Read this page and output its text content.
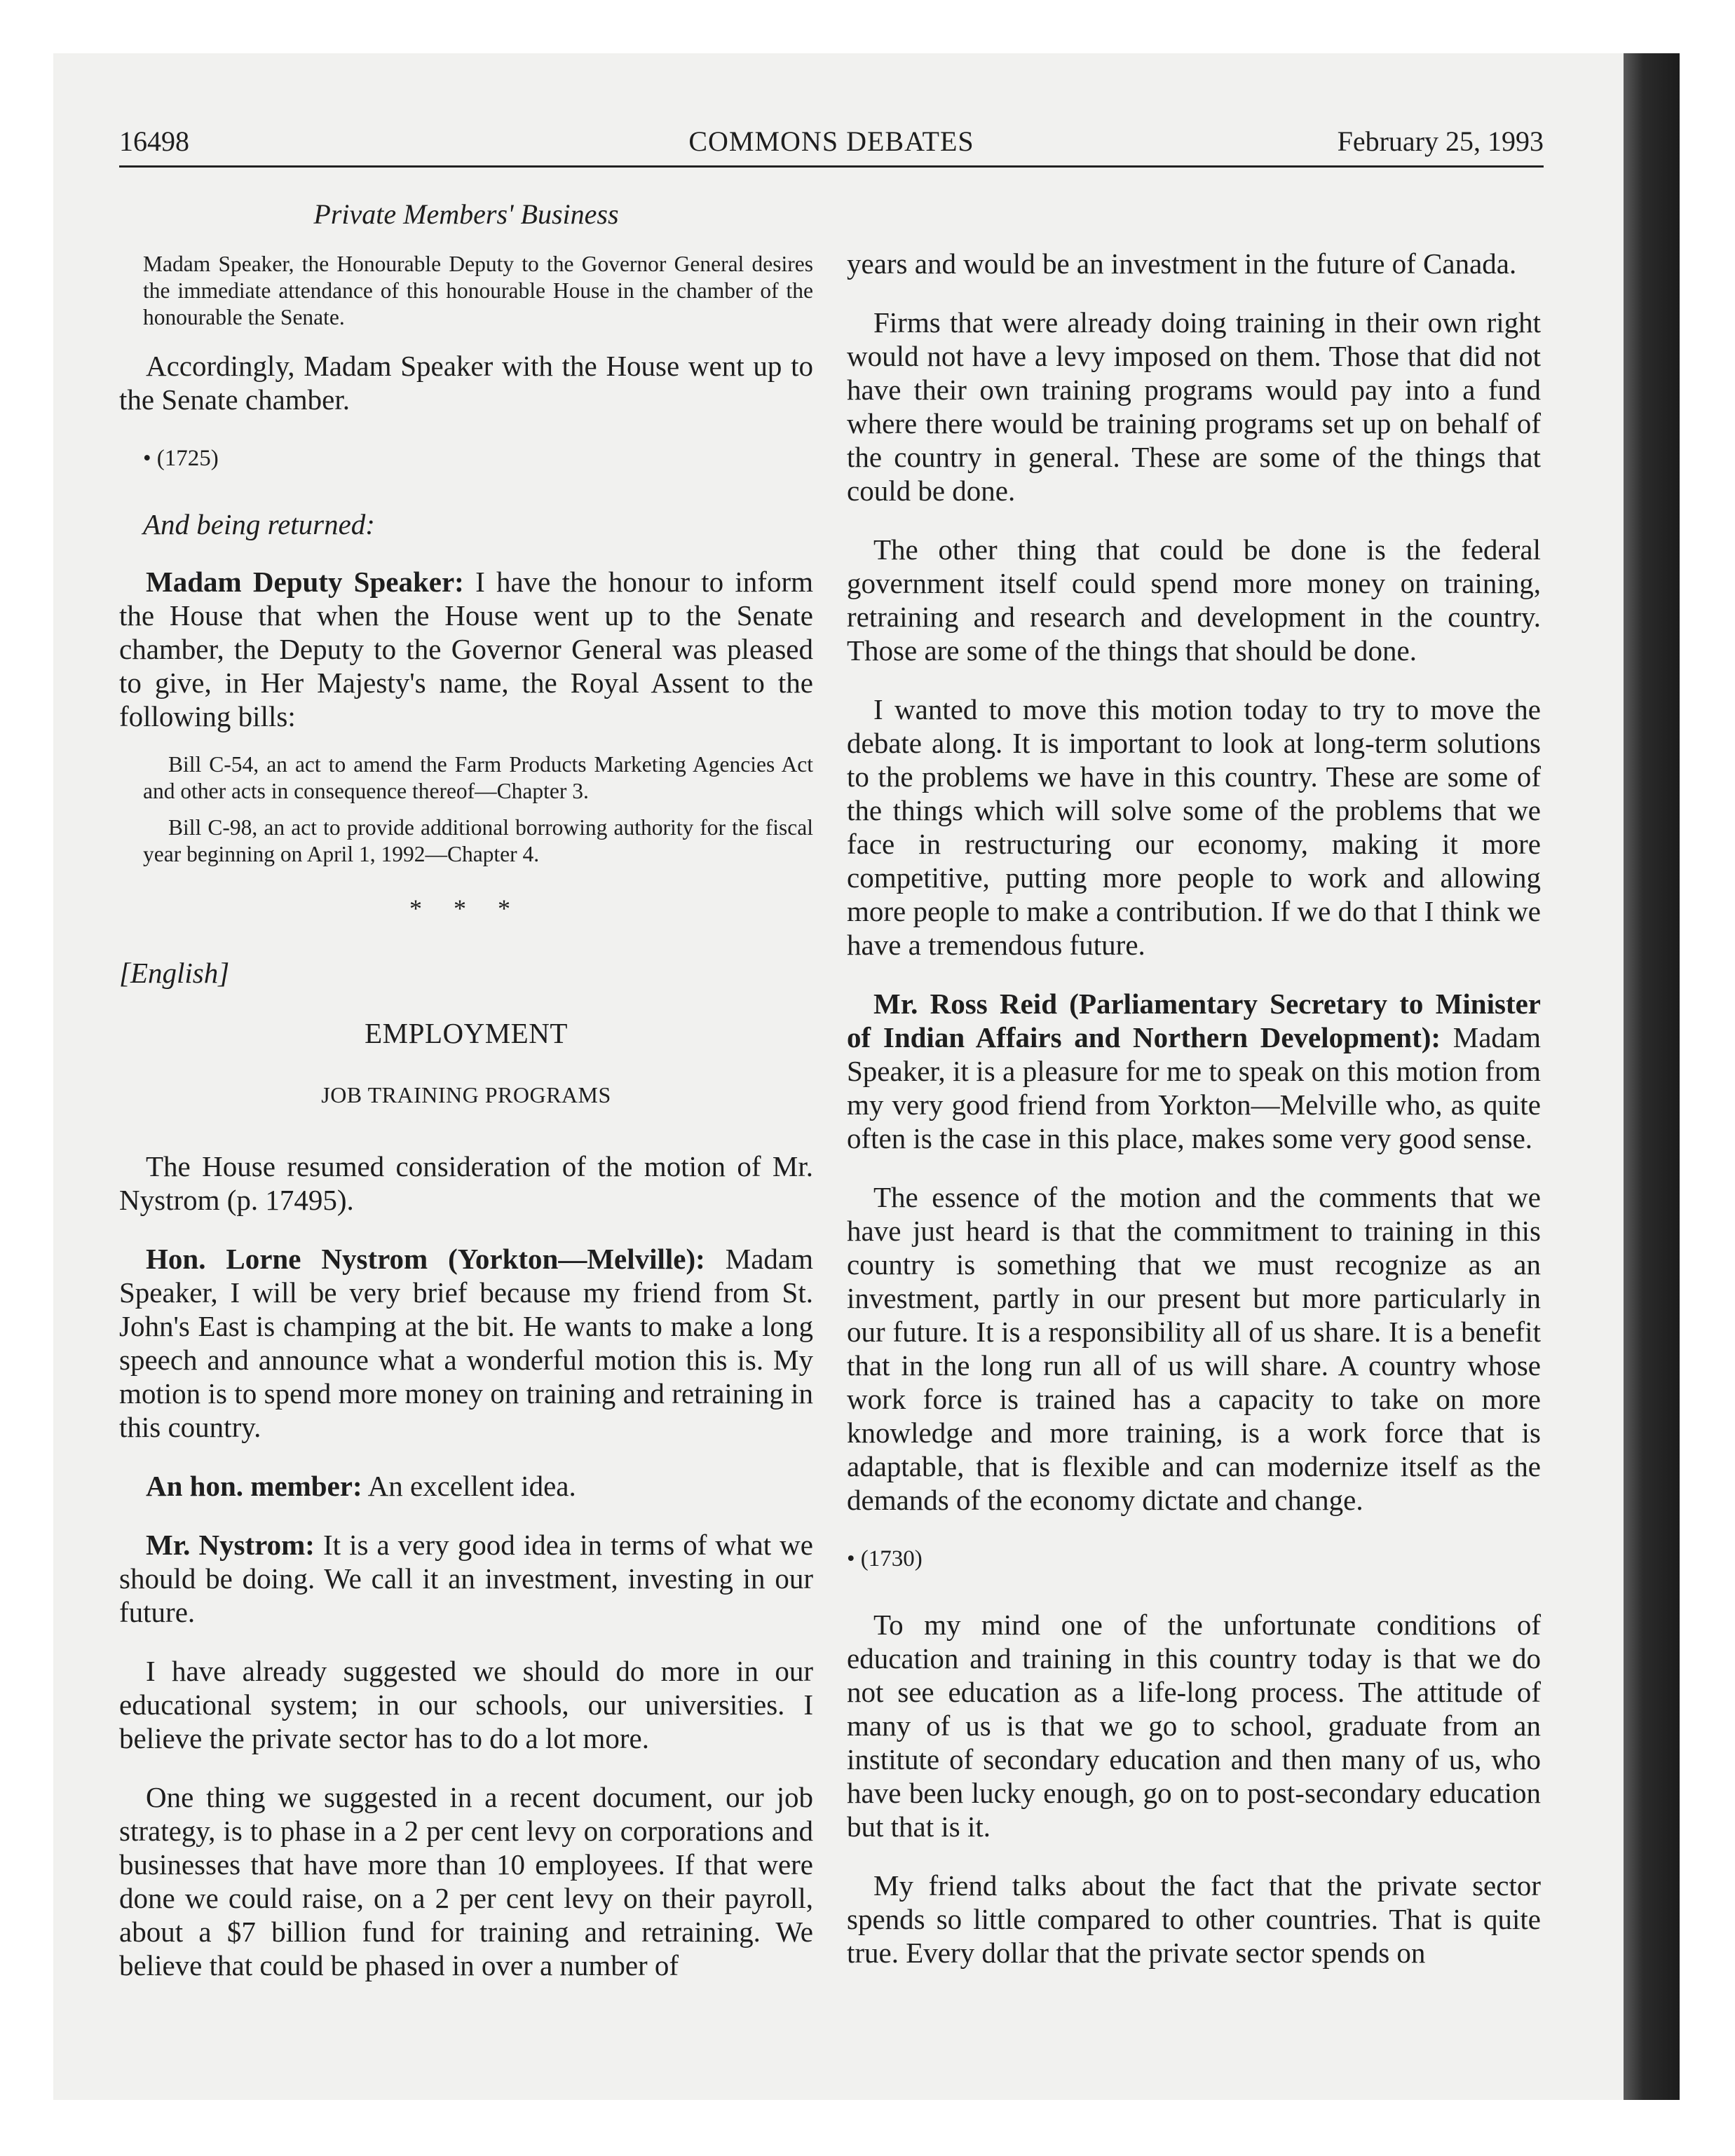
16498	COMMONS DEBATES	February 25, 1993

Private Members' Business

Madam Speaker, the Honourable Deputy to the Governor General desires the immediate attendance of this honourable House in the chamber of the honourable the Senate.

Accordingly, Madam Speaker with the House went up to the Senate chamber.

• (1725)

And being returned:

Madam Deputy Speaker: I have the honour to inform the House that when the House went up to the Senate chamber, the Deputy to the Governor General was pleased to give, in Her Majesty's name, the Royal Assent to the following bills:

Bill C-54, an act to amend the Farm Products Marketing Agencies Act and other acts in consequence thereof—Chapter 3.

Bill C-98, an act to provide additional borrowing authority for the fiscal year beginning on April 1, 1992—Chapter 4.

* * *

[English]

EMPLOYMENT

JOB TRAINING PROGRAMS

The House resumed consideration of the motion of Mr. Nystrom (p. 17495).

Hon. Lorne Nystrom (Yorkton—Melville): Madam Speaker, I will be very brief because my friend from St. John's East is champing at the bit. He wants to make a long speech and announce what a wonderful motion this is. My motion is to spend more money on training and retraining in this country.

An hon. member: An excellent idea.

Mr. Nystrom: It is a very good idea in terms of what we should be doing. We call it an investment, investing in our future.

I have already suggested we should do more in our educational system; in our schools, our universities. I believe the private sector has to do a lot more.

One thing we suggested in a recent document, our job strategy, is to phase in a 2 per cent levy on corporations and businesses that have more than 10 employees. If that were done we could raise, on a 2 per cent levy on their payroll, about a $7 billion fund for training and retraining. We believe that could be phased in over a number of

years and would be an investment in the future of Canada.

Firms that were already doing training in their own right would not have a levy imposed on them. Those that did not have their own training programs would pay into a fund where there would be training programs set up on behalf of the country in general. These are some of the things that could be done.

The other thing that could be done is the federal government itself could spend more money on training, retraining and research and development in the country. Those are some of the things that should be done.

I wanted to move this motion today to try to move the debate along. It is important to look at long-term solutions to the problems we have in this country. These are some of the things which will solve some of the problems that we face in restructuring our economy, making it more competitive, putting more people to work and allowing more people to make a contribution. If we do that I think we have a tremendous future.

Mr. Ross Reid (Parliamentary Secretary to Minister of Indian Affairs and Northern Development): Madam Speaker, it is a pleasure for me to speak on this motion from my very good friend from Yorkton—Melville who, as quite often is the case in this place, makes some very good sense.

The essence of the motion and the comments that we have just heard is that the commitment to training in this country is something that we must recognize as an investment, partly in our present but more particularly in our future. It is a responsibility all of us share. It is a benefit that in the long run all of us will share. A country whose work force is trained has a capacity to take on more knowledge and more training, is a work force that is adaptable, that is flexible and can modernize itself as the demands of the economy dictate and change.

• (1730)

To my mind one of the unfortunate conditions of education and training in this country today is that we do not see education as a life-long process. The attitude of many of us is that we go to school, graduate from an institute of secondary education and then many of us, who have been lucky enough, go on to post-secondary education but that is it.

My friend talks about the fact that the private sector spends so little compared to other countries. That is quite true. Every dollar that the private sector spends on
